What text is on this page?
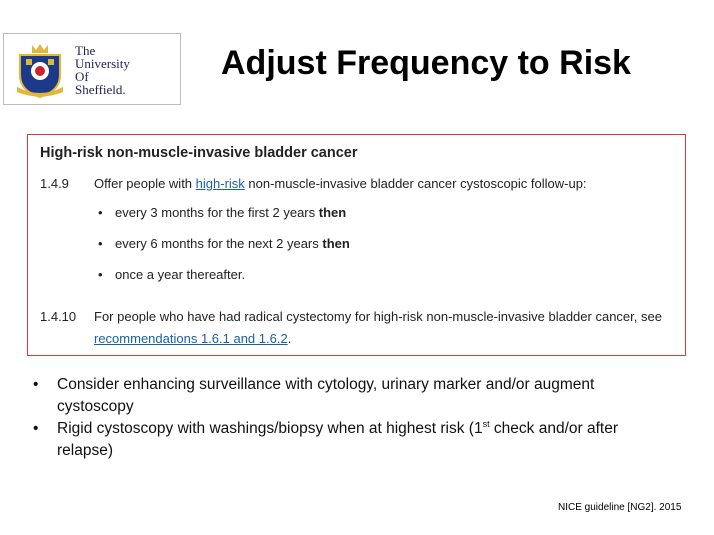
The
University
Of
Sheffield.
Adjust Frequency to Risk
High-risk non-muscle-invasive bladder cancer
1.4.9	Offer people with high-risk non-muscle-invasive bladder cancer cystoscopic follow-up:
• every 3 months for the first 2 years then
• every 6 months for the next 2 years then
• once a year thereafter.
1.4.10	For people who have had radical cystectomy for high-risk non-muscle-invasive bladder cancer, see
recommendations 1.6.1 and 1.6.2.
• Consider enhancing surveillance with cytology, urinary marker and/or augment cystoscopy
• Rigid cystoscopy with washings/biopsy when at highest risk (1st check and/or after relapse)
NICE guideline [NG2]. 2015
